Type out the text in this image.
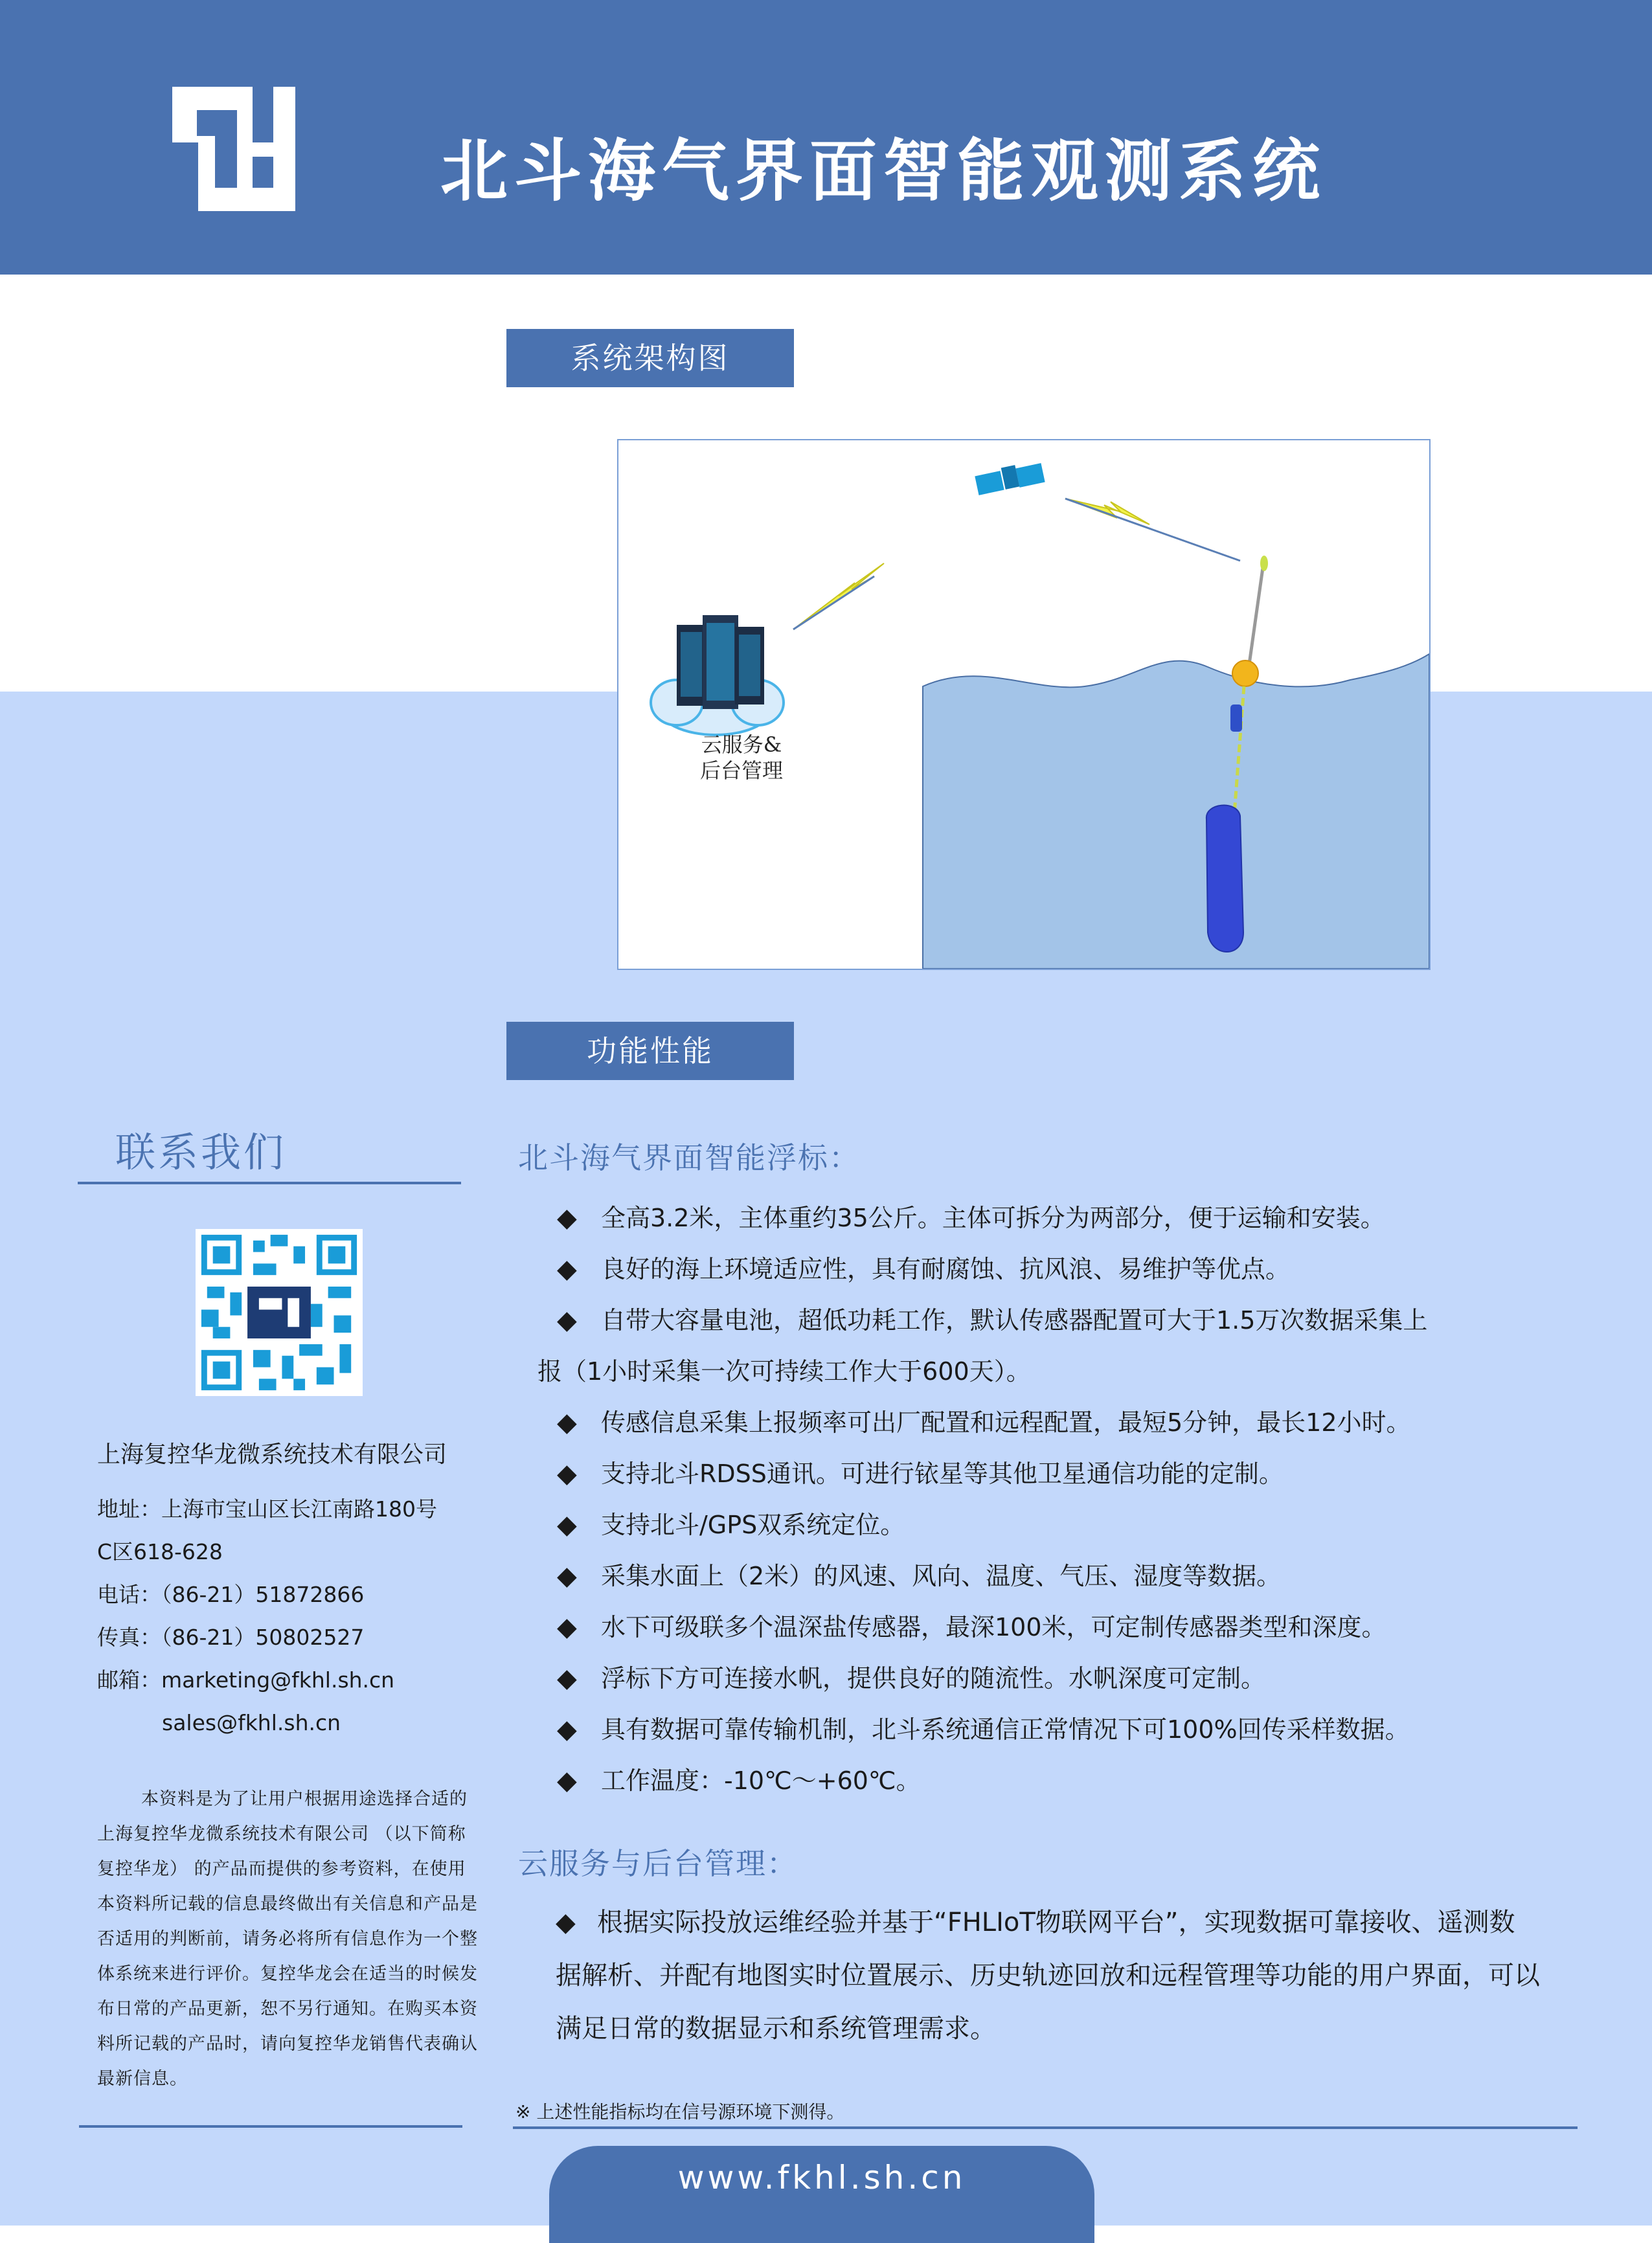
北斗海气界面智能观测系统
系统架构图
云服务&
后台管理
功能性能
联系我们
上海复控华龙微系统技术有限公司
地址：上海市宝山区长江南路180号
C区618-628
电话：（86-21）51872866
传真：（86-21）50802527
邮箱：marketing@fkhl.sh.cn
sales@fkhl.sh.cn
本资料是为了让用户根据用途选择合适的上海复控华龙微系统技术有限公司 （以下简称复控华龙） 的产品而提供的参考资料，在使用本资料所记载的信息最终做出有关信息和产品是否适用的判断前，请务必将所有信息作为一个整体系统来进行评价。复控华龙会在适当的时候发布日常的产品更新，恕不另行通知。在购买本资料所记载的产品时，请向复控华龙销售代表确认最新信息。
北斗海气界面智能浮标：
◆ 全高3.2米，主体重约35公斤。主体可拆分为两部分，便于运输和安装。
◆ 良好的海上环境适应性，具有耐腐蚀、抗风浪、易维护等优点。
◆ 自带大容量电池，超低功耗工作，默认传感器配置可大于1.5万次数据采集上
报（1小时采集一次可持续工作大于600天）。
◆ 传感信息采集上报频率可出厂配置和远程配置，最短5分钟，最长12小时。
◆ 支持北斗RDSS通讯。可进行铱星等其他卫星通信功能的定制。
◆ 支持北斗/GPS双系统定位。
◆ 采集水面上（2米）的风速、风向、温度、气压、湿度等数据。
◆ 水下可级联多个温深盐传感器，最深100米，可定制传感器类型和深度。
◆ 浮标下方可连接水帆，提供良好的随流性。水帆深度可定制。
◆ 具有数据可靠传输机制，北斗系统通信正常情况下可100%回传采样数据。
◆ 工作温度：-10℃～+60℃。
云服务与后台管理：
◆ 根据实际投放运维经验并基于“FHLIoT物联网平台”，实现数据可靠接收、遥测数据解析、并配有地图实时位置展示、历史轨迹回放和远程管理等功能的用户界面，可以满足日常的数据显示和系统管理需求。
※ 上述性能指标均在信号源环境下测得。
www.fkhl.sh.cn
